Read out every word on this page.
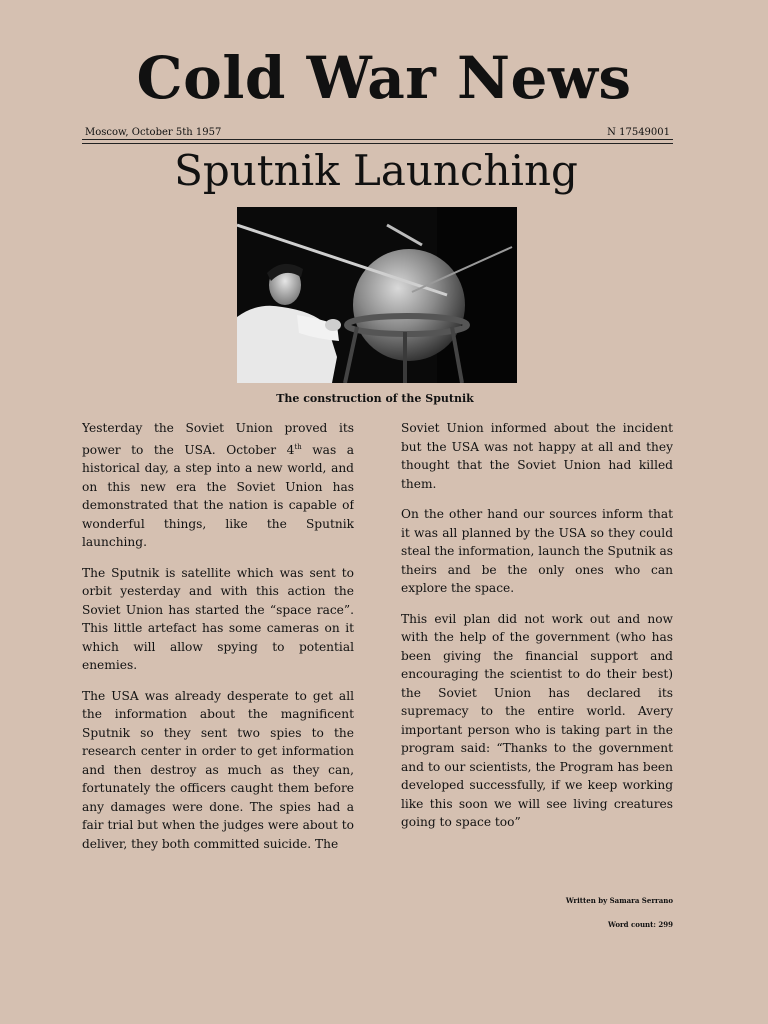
Cold War News
Moscow, October 5th 1957	N 17549001
Sputnik Launching
The construction of the Sputnik

Yesterday the Soviet Union proved its power to the USA. October 4th was a historical day, a step into a new world, and on this new era the Soviet Union has demonstrated that the nation is capable of wonderful things, like the Sputnik launching.

The Sputnik is satellite which was sent to orbit yesterday and with this action the Soviet Union has started the “space race”. This little artefact has some cameras on it which will allow spying to potential enemies.

The USA was already desperate to get all the information about the magnificent Sputnik so they sent two spies to the research center in order to get information and then destroy as much as they can, fortunately the officers caught them before any damages were done. The spies had a fair trial but when the judges were about to deliver, they both committed suicide. The

Soviet Union informed about the incident but the USA was not happy at all and they thought that the Soviet Union had killed them.

On the other hand our sources inform that it was all planned by the USA so they could steal the information, launch the Sputnik as theirs and be the only ones who can explore the space.

This evil plan did not work out and now with the help of the government (who has been giving the financial support and encouraging the scientist to do their best) the Soviet Union has declared its supremacy to the entire world. Avery important person who is taking part in the program said: “Thanks to the government and to our scientists, the Program has been developed successfully, if we keep working like this soon we will see living creatures going to space too”

Written by Samara Serrano
Word count: 299
